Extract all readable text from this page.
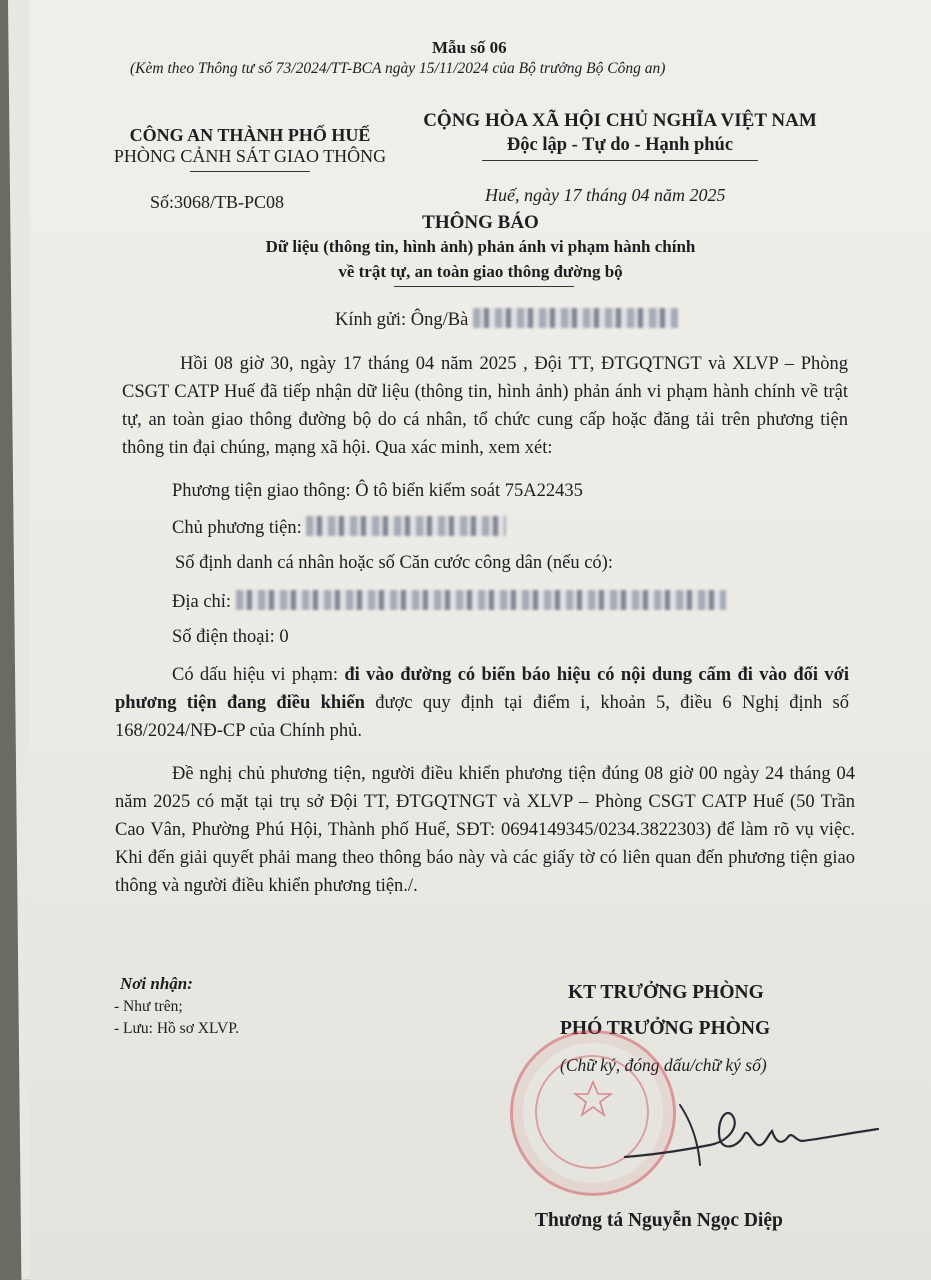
Mẫu số 06
(Kèm theo Thông tư số 73/2024/TT-BCA ngày 15/11/2024 của Bộ trưởng Bộ Công an)
CÔNG AN THÀNH PHỐ HUẾ
PHÒNG CẢNH SÁT GIAO THÔNG
Số:3068/TB-PC08
CỘNG HÒA XÃ HỘI CHỦ NGHĨA VIỆT NAM
Độc lập - Tự do - Hạnh phúc
Huế, ngày 17 tháng 04 năm 2025
THÔNG BÁO
Dữ liệu (thông tin, hình ảnh) phản ánh vi phạm hành chính
về trật tự, an toàn giao thông đường bộ
Kính gửi: Ông/Bà
Hồi 08 giờ 30, ngày 17 tháng 04 năm 2025 , Đội TT, ĐTGQTNGT và XLVP – Phòng CSGT CATP Huế đã tiếp nhận dữ liệu (thông tin, hình ảnh) phản ánh vi phạm hành chính về trật tự, an toàn giao thông đường bộ do cá nhân, tổ chức cung cấp hoặc đăng tải trên phương tiện thông tin đại chúng, mạng xã hội. Qua xác minh, xem xét:
Phương tiện giao thông: Ô tô biển kiểm soát 75A22435
Chủ phương tiện:
Số định danh cá nhân hoặc số Căn cước công dân (nếu có):
Địa chỉ:
Số điện thoại: 0
Có dấu hiệu vi phạm: đi vào đường có biển báo hiệu có nội dung cấm đi vào đối với phương tiện đang điều khiển được quy định tại điểm i, khoản 5, điều 6 Nghị định số 168/2024/NĐ-CP của Chính phủ.
Đề nghị chủ phương tiện, người điều khiển phương tiện đúng 08 giờ 00 ngày 24 tháng 04 năm 2025 có mặt tại trụ sở Đội TT, ĐTGQTNGT và XLVP – Phòng CSGT CATP Huế (50 Trần Cao Vân, Phường Phú Hội, Thành phố Huế, SĐT: 0694149345/0234.3822303) để làm rõ vụ việc. Khi đến giải quyết phải mang theo thông báo này và các giấy tờ có liên quan đến phương tiện giao thông và người điều khiển phương tiện./.
Nơi nhận:
- Như trên;
- Lưu: Hồ sơ XLVP.
KT TRƯỞNG PHÒNG
PHÓ TRƯỞNG PHÒNG
(Chữ ký, đóng dấu/chữ ký số)
Thương tá Nguyễn Ngọc Diệp
